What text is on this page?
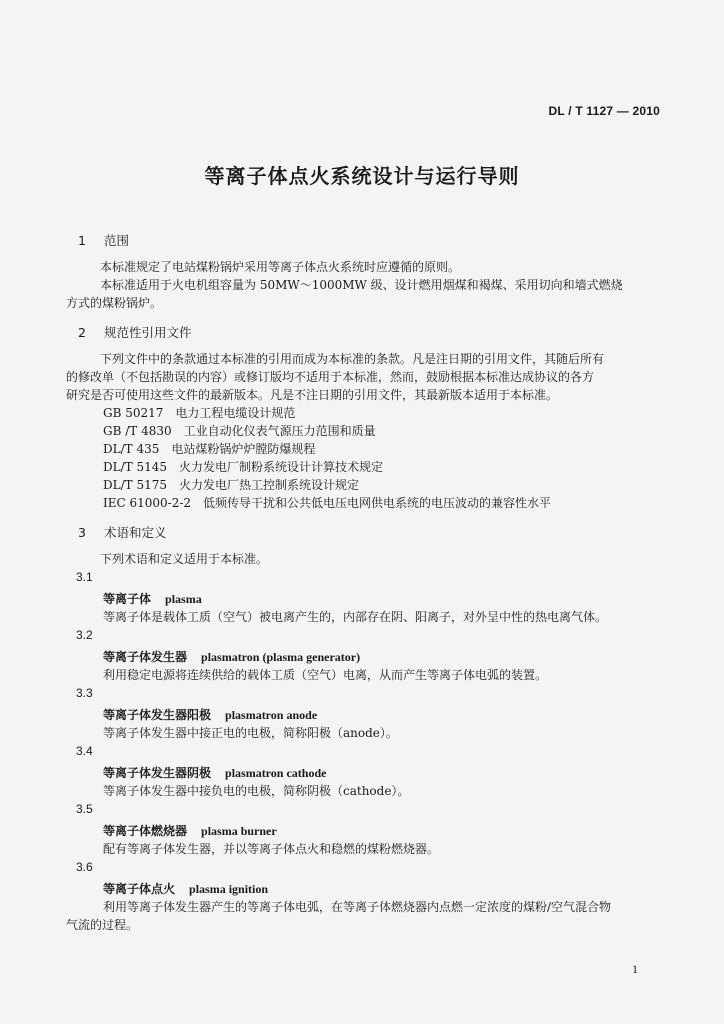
DL / T 1127 — 2010
等离子体点火系统设计与运行导则

1 范围

本标准规定了电站煤粉锅炉采用等离子体点火系统时应遵循的原则。

本标准适用于火电机组容量为 50MW～1000MW 级、设计燃用烟煤和褐煤、采用切向和墙式燃烧

方式的煤粉锅炉。

2 规范性引用文件

下列文件中的条款通过本标准的引用而成为本标准的条款。凡是注日期的引用文件，其随后所有

的修改单（不包括勘误的内容）或修订版均不适用于本标准，然而，鼓励根据本标准达成协议的各方

研究是否可使用这些文件的最新版本。凡是不注日期的引用文件，其最新版本适用于本标准。

GB 50217　电力工程电缆设计规范

GB /T 4830　工业自动化仪表气源压力范围和质量

DL/T 435　电站煤粉锅炉炉膛防爆规程

DL/T 5145　火力发电厂制粉系统设计计算技术规定

DL/T 5175　火力发电厂热工控制系统设计规定

IEC 61000-2-2　低频传导干扰和公共低电压电网供电系统的电压波动的兼容性水平

3 术语和定义

下列术语和定义适用于本标准。

3.1

等离子体 plasma

等离子体是载体工质（空气）被电离产生的，内部存在阴、阳离子，对外呈中性的热电离气体。

3.2

等离子体发生器 plasmatron (plasma generator)

利用稳定电源将连续供给的载体工质（空气）电离，从而产生等离子体电弧的装置。

3.3

等离子体发生器阳极 plasmatron anode

等离子体发生器中接正电的电极，简称阳极（anode）。

3.4

等离子体发生器阴极 plasmatron cathode

等离子体发生器中接负电的电极，简称阴极（cathode）。

3.5

等离子体燃烧器 plasma burner

配有等离子体发生器，并以等离子体点火和稳燃的煤粉燃烧器。

3.6

等离子体点火 plasma ignition

利用等离子体发生器产生的等离子体电弧，在等离子体燃烧器内点燃一定浓度的煤粉/空气混合物

气流的过程。

1
